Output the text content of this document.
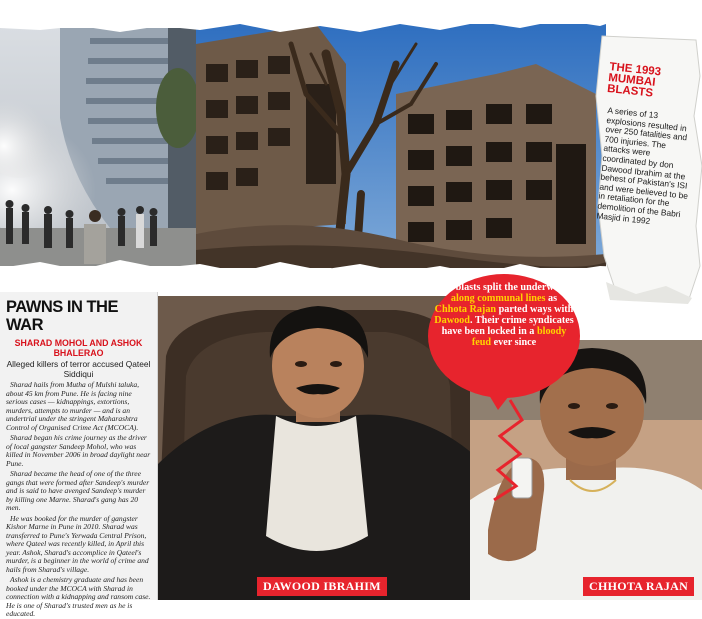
THE 1993 MUMBAI BLASTS
A series of 13 explosions resulted in over 250 fatalities and 700 injuries. The attacks were coordinated by don Dawood Ibrahim at the behest of Pakistan's ISI and were believed to be in retaliation for the demolition of the Babri Masjid in 1992
The blasts split the underworld along communal lines as Chhota Rajan parted ways with Dawood. Their crime syndicates have been locked in a bloody feud ever since
DAWOOD IBRAHIM	CHHOTA RAJAN
PAWNS IN THE WAR
SHARAD MOHOL AND ASHOK BHALERAO
Alleged killers of terror accused Qateel Siddiqui

Sharad hails from Mutha of Mulshi taluka, about 45 km from Pune. He is facing nine serious cases — kidnappings, extortions, murders, attempts to murder — and is an undertrial under the stringent Maharashtra Control of Organised Crime Act (MCOCA).

Sharad began his crime journey as the driver of local gangster Sandeep Mohol, who was killed in November 2006 in broad daylight near Pune.

Sharad became the head of one of the three gangs that were formed after Sandeep's murder and is said to have avenged Sandeep's murder by killing one Marne. Sharad's gang has 20 men.

He was booked for the murder of gangster Kishor Marne in Pune in 2010. Sharad was transferred to Pune's Yerwada Central Prison, where Qateel was recently killed, in April this year. Ashok, Sharad's accomplice in Qateel's murder, is a beginner in the world of crime and hails from Sharad's village.

Ashok is a chemistry graduate and has been booked under the MCOCA with Sharad in connection with a kidnapping and ransom case. He is one of Sharad's trusted men as he is educated.
